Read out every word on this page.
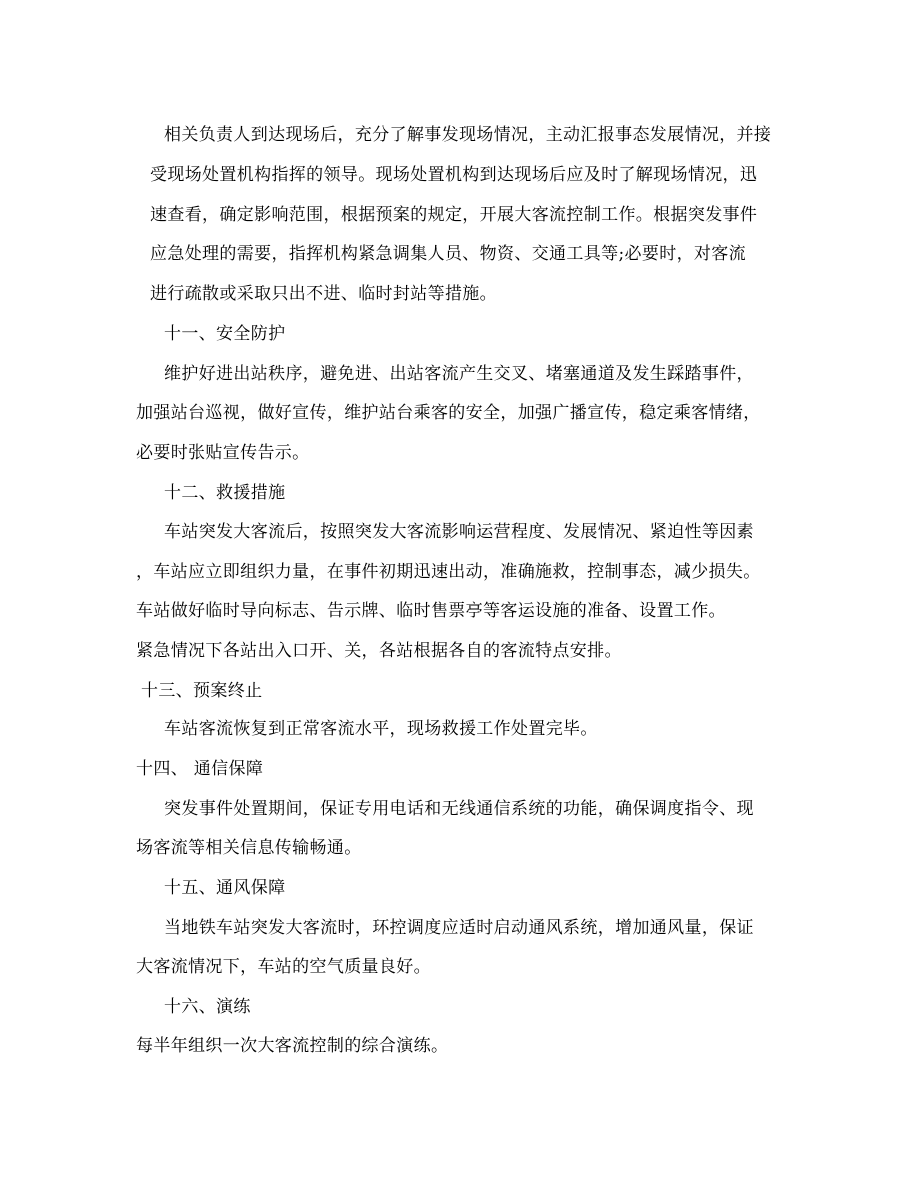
相关负责人到达现场后，充分了解事发现场情况，主动汇报事态发展情况，并接
受现场处置机构指挥的领导。现场处置机构到达现场后应及时了解现场情况，迅
速查看，确定影响范围，根据预案的规定，开展大客流控制工作。根据突发事件
应急处理的需要，指挥机构紧急调集人员、物资、交通工具等;必要时，对客流
进行疏散或采取只出不进、临时封站等措施。
十一、安全防护
维护好进出站秩序，避免进、出站客流产生交叉、堵塞通道及发生踩踏事件，
加强站台巡视，做好宣传，维护站台乘客的安全，加强广播宣传，稳定乘客情绪，
必要时张贴宣传告示。
十二、救援措施
车站突发大客流后，按照突发大客流影响运营程度、发展情况、紧迫性等因素
，车站应立即组织力量，在事件初期迅速出动，准确施救，控制事态，减少损失。
车站做好临时导向标志、告示牌、临时售票亭等客运设施的准备、设置工作。
紧急情况下各站出入口开、关，各站根据各自的客流特点安排。
十三、预案终止
车站客流恢复到正常客流水平，现场救援工作处置完毕。
十四、 通信保障
突发事件处置期间，保证专用电话和无线通信系统的功能，确保调度指令、现
场客流等相关信息传输畅通。
十五、通风保障
当地铁车站突发大客流时，环控调度应适时启动通风系统，增加通风量，保证
大客流情况下，车站的空气质量良好。
十六、演练
每半年组织一次大客流控制的综合演练。
